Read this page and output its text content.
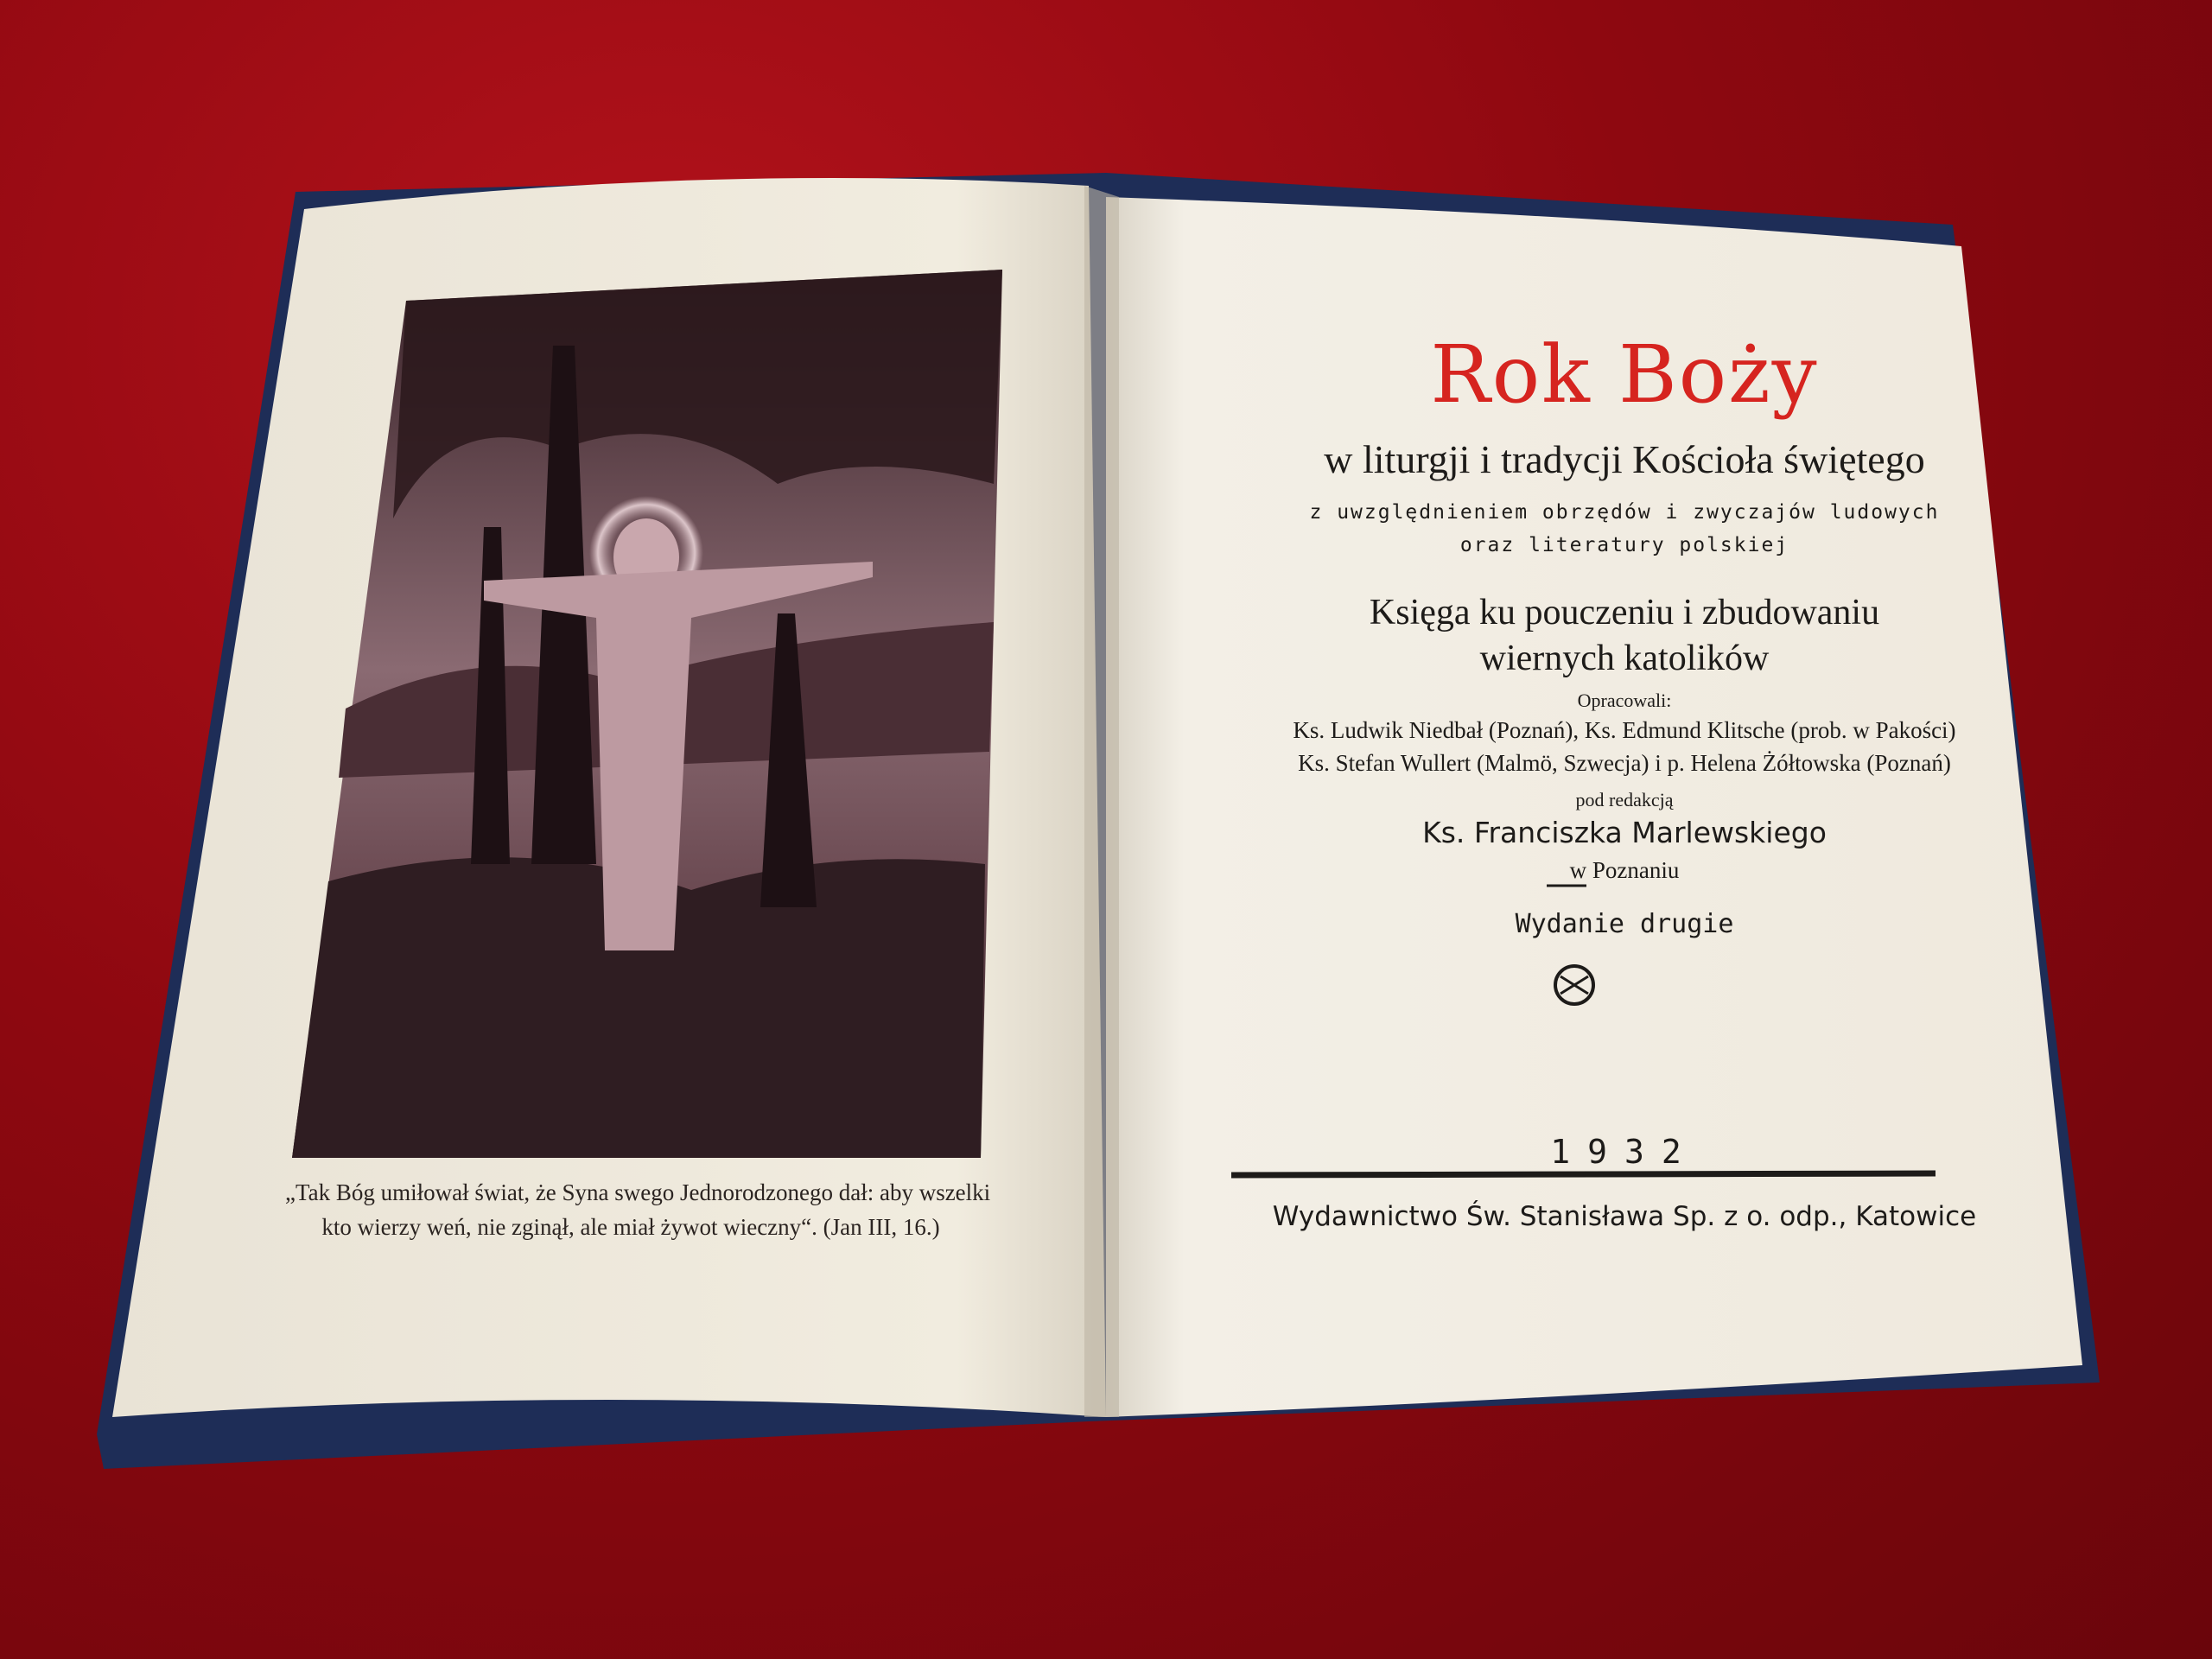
„Tak Bóg umiłował świat, że Syna swego Jednorodzonego dał: aby wszelki
kto wierzy weń, nie zginął, ale miał żywot wieczny“. (Jan III, 16.)
Rok Boży
w liturgji i tradycji Kościoła świętego
z uwzględnieniem obrzędów i zwyczajów ludowych
oraz literatury polskiej
Księga ku pouczeniu i zbudowaniu
wiernych katolików
Opracowali:
Ks. Ludwik Niedbał (Poznań), Ks. Edmund Klitsche (prob. w Pakości)
Ks. Stefan Wullert (Malmö, Szwecja) i p. Helena Żółtowska (Poznań)
pod redakcją
Ks. Franciszka Marlewskiego
w Poznaniu
Wydanie drugie
1932
Wydawnictwo Św. Stanisława Sp. z o. odp., Katowice
